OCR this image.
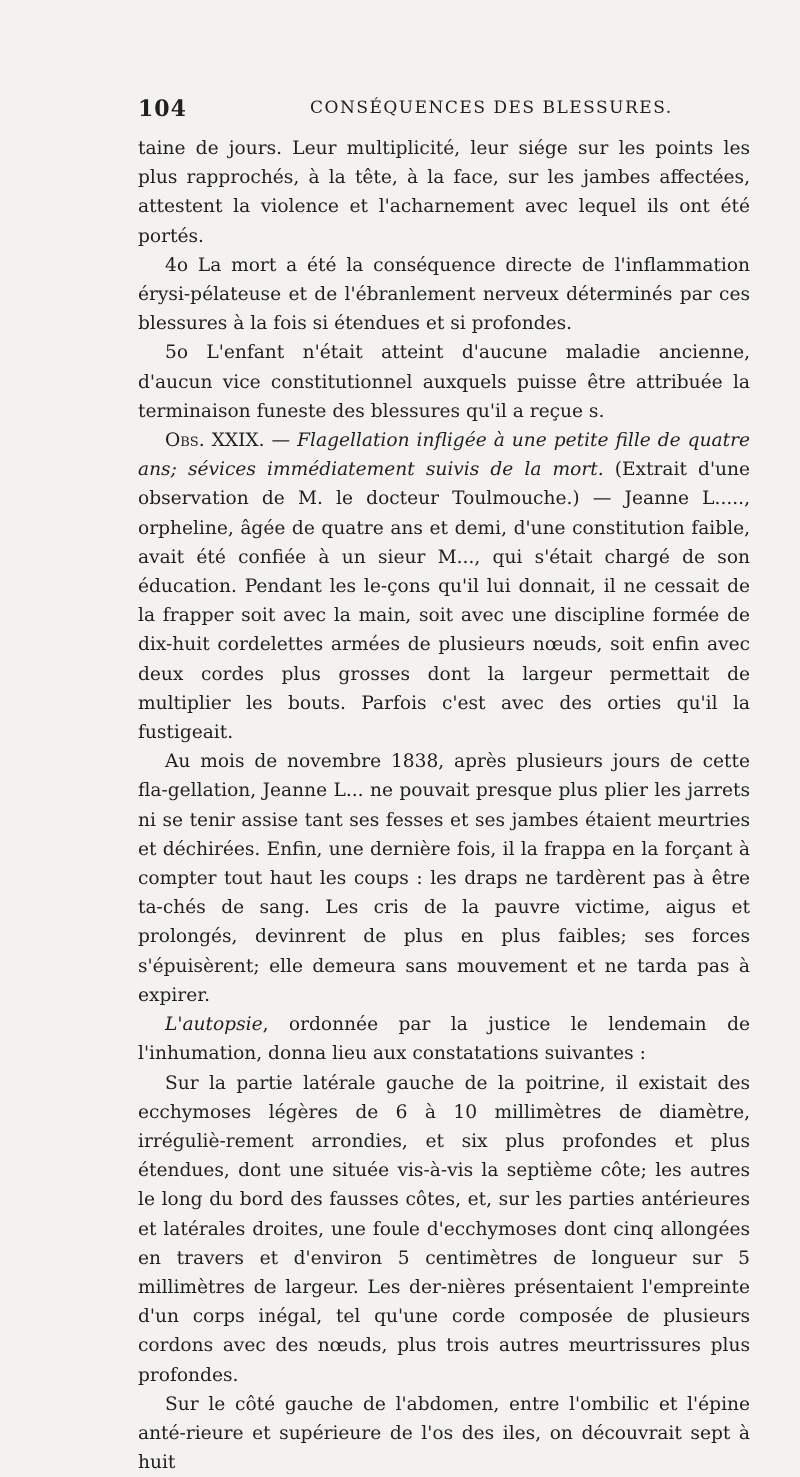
104	CONSÉQUENCES DES BLESSURES.

taine de jours. Leur multiplicité, leur siége sur les points les plus rapprochés, à la tête, à la face, sur les jambes affectées, attestent la violence et l'acharnement avec lequel ils ont été portés.

4o La mort a été la conséquence directe de l'inflammation érysi-pélateuse et de l'ébranlement nerveux déterminés par ces blessures à la fois si étendues et si profondes.

5o L'enfant n'était atteint d'aucune maladie ancienne, d'aucun vice constitutionnel auxquels puisse être attribuée la terminaison funeste des blessures qu'il a reçue s.

Obs. XXIX. — Flagellation infligée à une petite fille de quatre ans; sévices immédiatement suivis de la mort. (Extrait d'une observation de M. le docteur Toulmouche.) — Jeanne L....., orpheline, âgée de quatre ans et demi, d'une constitution faible, avait été confiée à un sieur M..., qui s'était chargé de son éducation. Pendant les le-çons qu'il lui donnait, il ne cessait de la frapper soit avec la main, soit avec une discipline formée de dix-huit cordelettes armées de plusieurs nœuds, soit enfin avec deux cordes plus grosses dont la largeur permettait de multiplier les bouts. Parfois c'est avec des orties qu'il la fustigeait.

Au mois de novembre 1838, après plusieurs jours de cette fla-gellation, Jeanne L... ne pouvait presque plus plier les jarrets ni se tenir assise tant ses fesses et ses jambes étaient meurtries et déchirées. Enfin, une dernière fois, il la frappa en la forçant à compter tout haut les coups : les draps ne tardèrent pas à être ta-chés de sang. Les cris de la pauvre victime, aigus et prolongés, devinrent de plus en plus faibles; ses forces s'épuisèrent; elle demeura sans mouvement et ne tarda pas à expirer.

L'autopsie, ordonnée par la justice le lendemain de l'inhumation, donna lieu aux constatations suivantes :

Sur la partie latérale gauche de la poitrine, il existait des ecchymoses légères de 6 à 10 millimètres de diamètre, irréguliè-rement arrondies, et six plus profondes et plus étendues, dont une située vis-à-vis la septième côte; les autres le long du bord des fausses côtes, et, sur les parties antérieures et latérales droites, une foule d'ecchymoses dont cinq allongées en travers et d'environ 5 centimètres de longueur sur 5 millimètres de largeur. Les der-nières présentaient l'empreinte d'un corps inégal, tel qu'une corde composée de plusieurs cordons avec des nœuds, plus trois autres meurtrissures plus profondes.

Sur le côté gauche de l'abdomen, entre l'ombilic et l'épine anté-rieure et supérieure de l'os des iles, on découvrait sept à huit
